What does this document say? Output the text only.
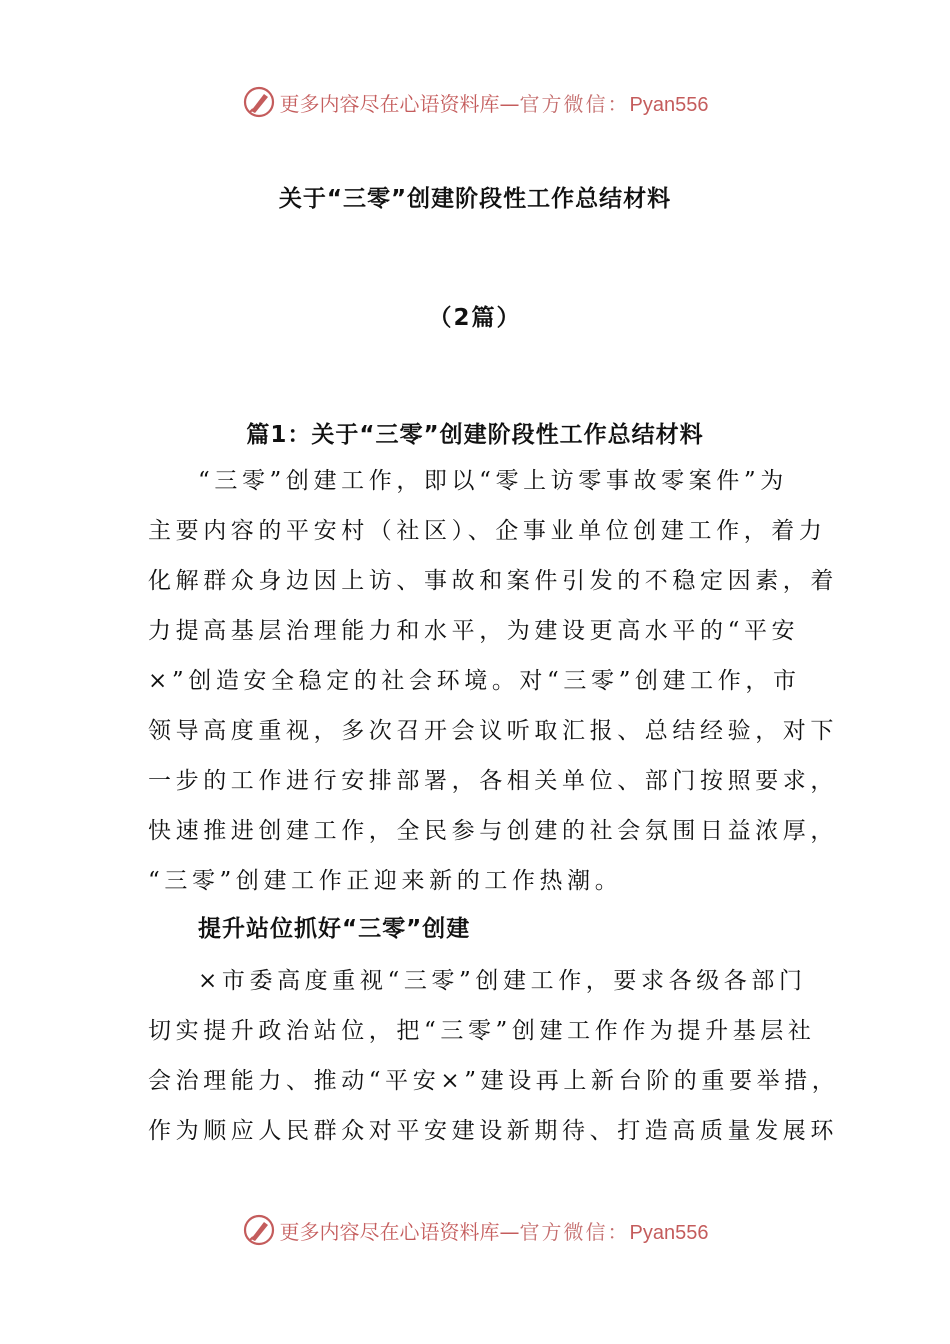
更多内容尽在心语资料库—官方微信：Pyan556
关于“三零”创建阶段性工作总结材料
（2篇）
篇1：关于“三零”创建阶段性工作总结材料
“三零”创建工作，即以“零上访零事故零案件”为
主要内容的平安村（社区）、企事业单位创建工作，着力
化解群众身边因上访、事故和案件引发的不稳定因素，着
力提高基层治理能力和水平，为建设更高水平的“平安
×”创造安全稳定的社会环境。对“三零”创建工作，市
领导高度重视，多次召开会议听取汇报、总结经验，对下
一步的工作进行安排部署，各相关单位、部门按照要求，
快速推进创建工作，全民参与创建的社会氛围日益浓厚，
“三零”创建工作正迎来新的工作热潮。
提升站位抓好“三零”创建
×市委高度重视“三零”创建工作，要求各级各部门
切实提升政治站位，把“三零”创建工作作为提升基层社
会治理能力、推动“平安×”建设再上新台阶的重要举措，
作为顺应人民群众对平安建设新期待、打造高质量发展环
更多内容尽在心语资料库—官方微信：Pyan556
